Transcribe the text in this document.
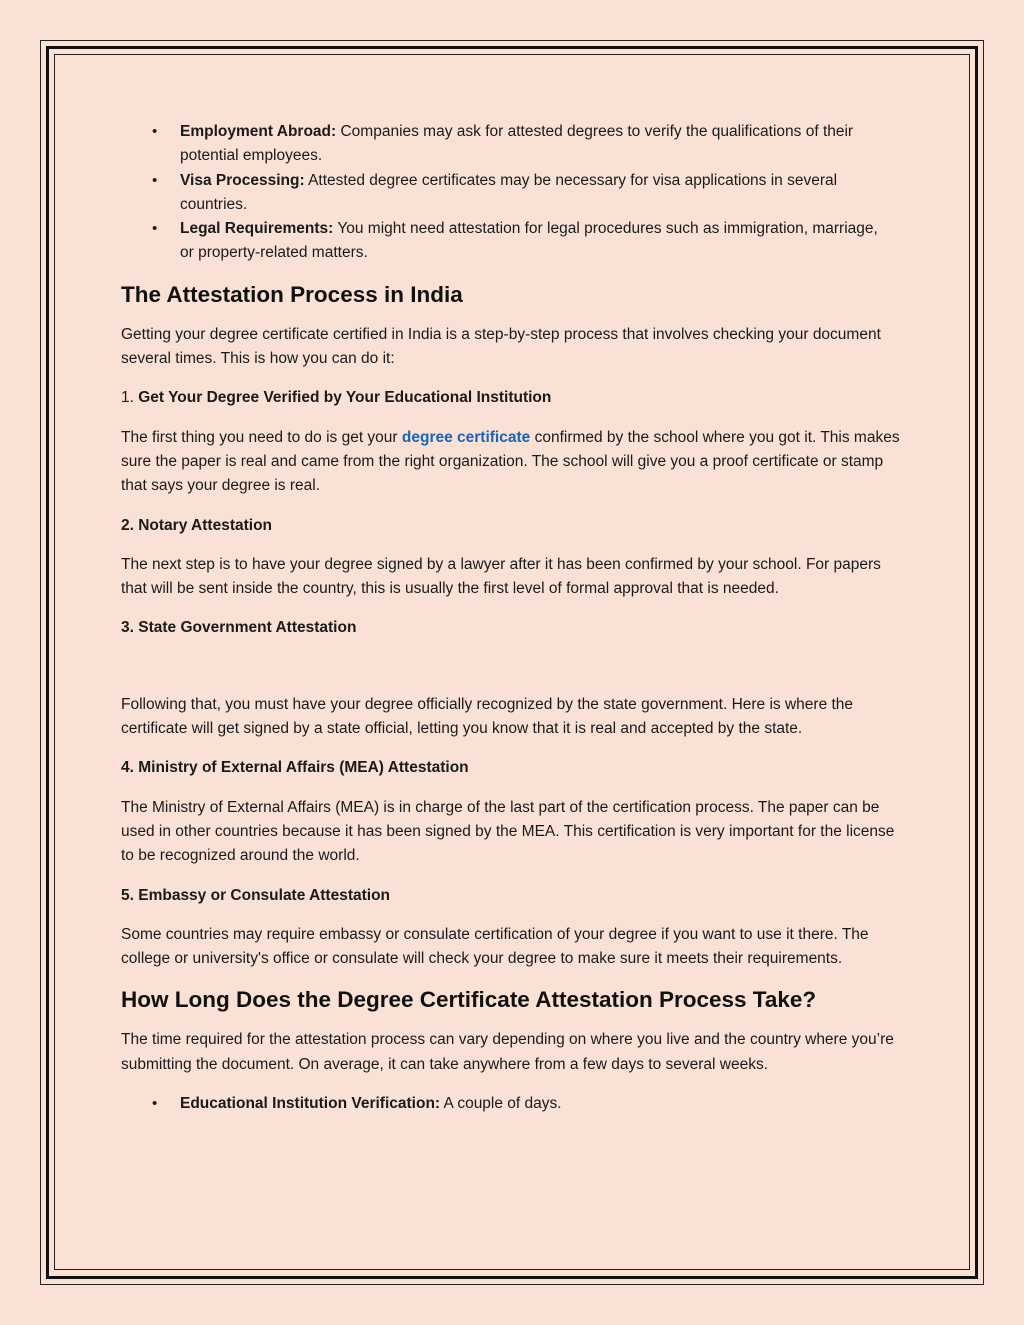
• Employment Abroad: Companies may ask for attested degrees to verify the qualifications of their potential employees.
• Visa Processing: Attested degree certificates may be necessary for visa applications in several countries.
• Legal Requirements: You might need attestation for legal procedures such as immigration, marriage, or property-related matters.
The Attestation Process in India

Getting your degree certificate certified in India is a step-by-step process that involves checking your document several times. This is how you can do it:

1. Get Your Degree Verified by Your Educational Institution

The first thing you need to do is get your degree certificate confirmed by the school where you got it. This makes sure the paper is real and came from the right organization. The school will give you a proof certificate or stamp that says your degree is real.

2. Notary Attestation

The next step is to have your degree signed by a lawyer after it has been confirmed by your school. For papers that will be sent inside the country, this is usually the first level of formal approval that is needed.

3. State Government Attestation

Following that, you must have your degree officially recognized by the state government. Here is where the certificate will get signed by a state official, letting you know that it is real and accepted by the state.

4. Ministry of External Affairs (MEA) Attestation

The Ministry of External Affairs (MEA) is in charge of the last part of the certification process. The paper can be used in other countries because it has been signed by the MEA. This certification is very important for the license to be recognized around the world.

5. Embassy or Consulate Attestation

Some countries may require embassy or consulate certification of your degree if you want to use it there. The college or university's office or consulate will check your degree to make sure it meets their requirements.

How Long Does the Degree Certificate Attestation Process Take?

The time required for the attestation process can vary depending on where you live and the country where you’re submitting the document. On average, it can take anywhere from a few days to several weeks.

• Educational Institution Verification: A couple of days.
